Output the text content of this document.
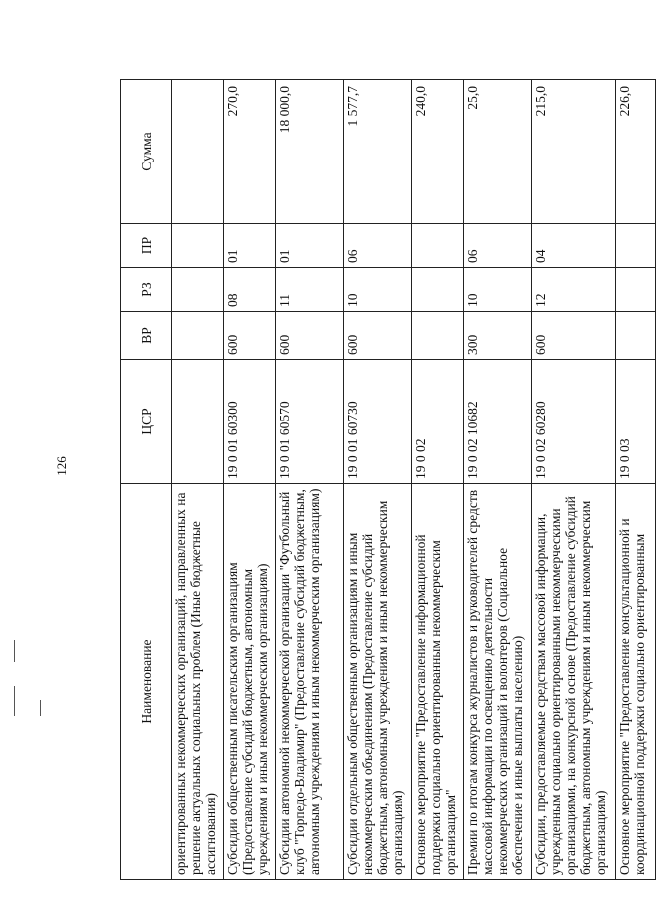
126
Наименование	ЦСР	ВР	РЗ	ПР	Сумма
ориентированных некоммерческих организаций, направленных на решение актуальных социальных проблем (Иные бюджетные ассигнования)					
Субсидии общественным писательским организациям (Предоставление субсидий бюджетным, автономным учреждениям и иным некоммерческим организациям)	19 0 01 60300	600	08	01	270,0
Субсидии автономной некоммерческой организации "Футбольный клуб "Торпедо-Владимир" (Предоставление субсидий бюджетным, автономным учреждениям и иным некоммерческим организациям)	19 0 01 60570	600	11	01	18 000,0
Субсидии отдельным общественным организациям и иным некоммерческим объединениям (Предоставление субсидий бюджетным, автономным учреждениям и иным некоммерческим организациям)	19 0 01 60730	600	10	06	1 577,7
Основное мероприятие "Предоставление информационной поддержки социально ориентированным некоммерческим организациям"	19 0 02				240,0
Премии по итогам конкурса журналистов и руководителей средств массовой информации по освещению деятельности некоммерческих организаций и волонтеров (Социальное обеспечение и иные выплаты населению)	19 0 02 10682	300	10	06	25,0
Субсидии, предоставляемые средствам массовой информации, учрежденным социально ориентированными некоммерческими организациями, на конкурсной основе (Предоставление субсидий бюджетным, автономным учреждениям и иным некоммерческим организациям)	19 0 02 60280	600	12	04	215,0
Основное мероприятие "Предоставление консультационной и координационной поддержки социально ориентированным	19 0 03				226,0
